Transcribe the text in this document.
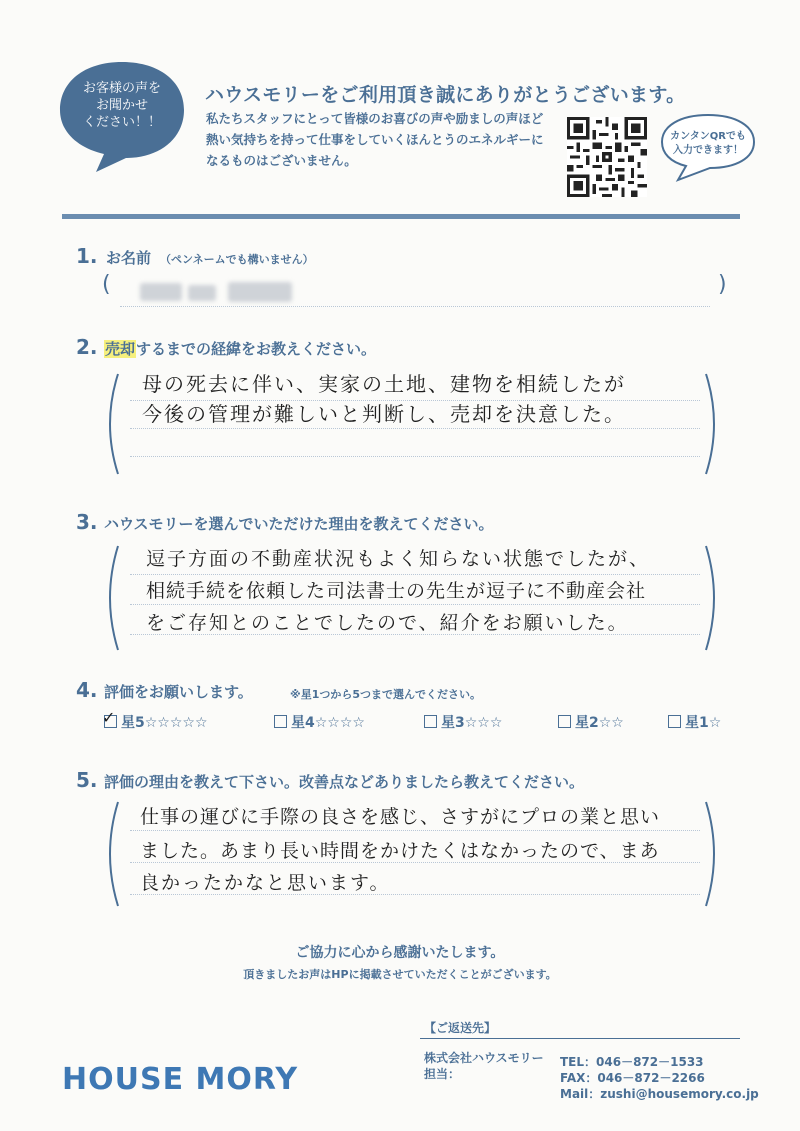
お客様の声を
お聞かせ
ください！！
ハウスモリーをご利用頂き誠にありがとうございます。
私たちスタッフにとって皆様のお喜びの声や励ましの声ほど
熱い気持ちを持って仕事をしていくほんとうのエネルギーに
なるものはございません。
カンタンQRでも
入力できます！
1. お名前 （ペンネームでも構いません）
(	)
2. 売却するまでの経緯をお教えください。
母の死去に伴い、実家の土地、建物を相続したが
今後の管理が難しいと判断し、売却を決意した。
3. ハウスモリーを選んでいただけた理由を教えてください。
逗子方面の不動産状況もよく知らない状態でしたが、
相続手続を依頼した司法書士の先生が逗子に不動産会社
をご存知とのことでしたので、紹介をお願いした。
4. 評価をお願いします。	※星1つから5つまで選んでください。
✓ 星5☆☆☆☆☆	星4☆☆☆☆	星3☆☆☆	星2☆☆	星1☆
5. 評価の理由を教えて下さい。改善点などありましたら教えてください。
仕事の運びに手際の良さを感じ、さすがにプロの業と思い
ました。あまり長い時間をかけたくはなかったので、まあ
良かったかなと思います。
ご協力に心から感謝いたします。
頂きましたお声はHPに掲載させていただくことがございます。
HOUSE MORY
【ご返送先】
株式会社ハウスモリー
担当：
TEL：046－872－1533
FAX：046－872－2266
Mail：zushi@housemory.co.jp
